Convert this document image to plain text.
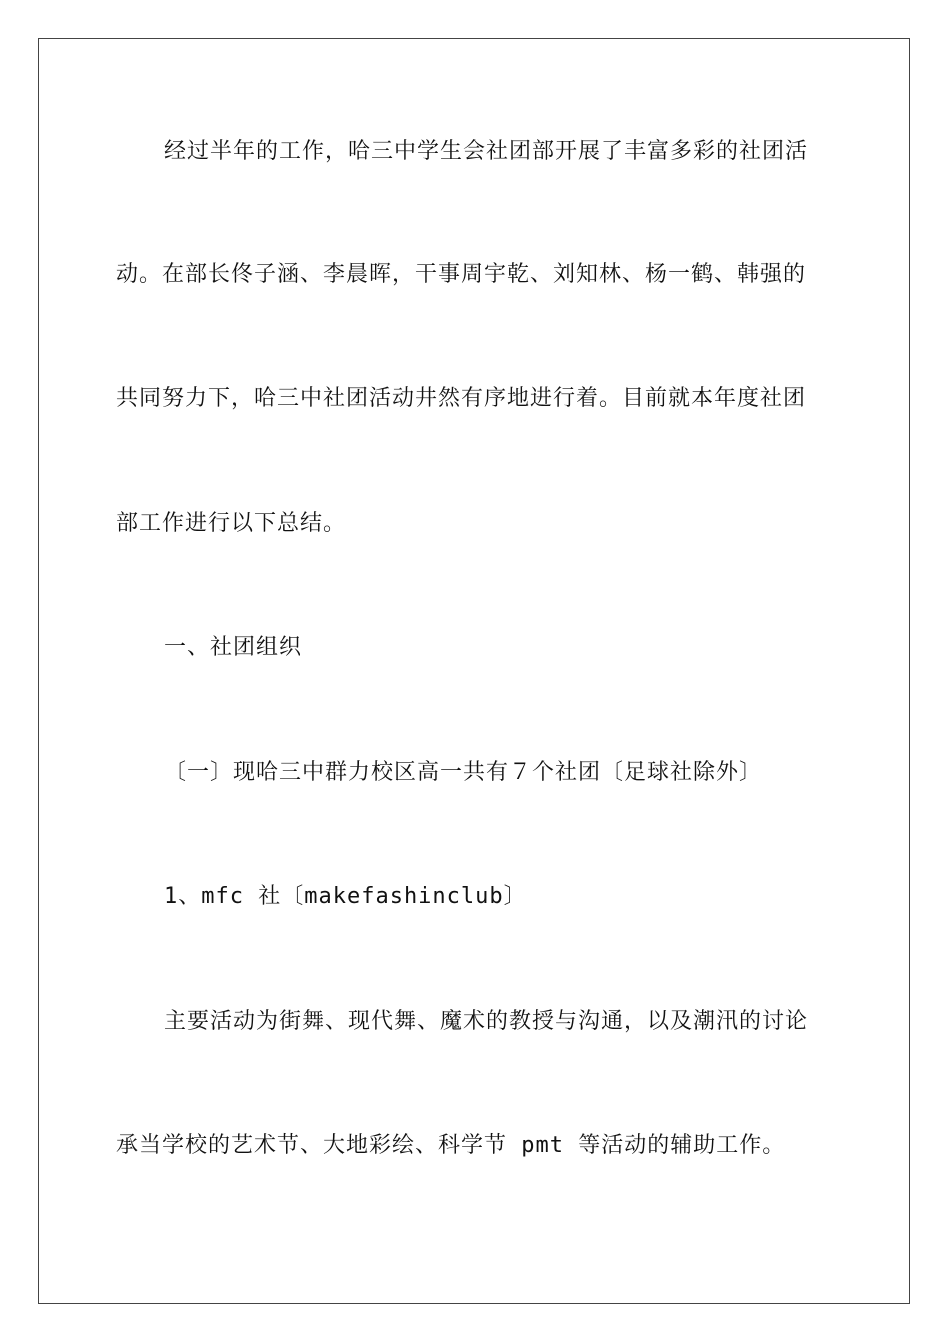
经过半年的工作，哈三中学生会社团部开展了丰富多彩的社团活
动。在部长佟子涵、李晨晖，干事周宇乾、刘知林、杨一鹤、韩强的
共同努力下，哈三中社团活动井然有序地进行着。目前就本年度社团
部工作进行以下总结。
一、社团组织
〔一〕现哈三中群力校区高一共有７个社团〔足球社除外〕
1、mfc 社〔makefashinclub〕
主要活动为街舞、现代舞、魔术的教授与沟通，以及潮汛的讨论
承当学校的艺术节、大地彩绘、科学节 pmt 等活动的辅助工作。
